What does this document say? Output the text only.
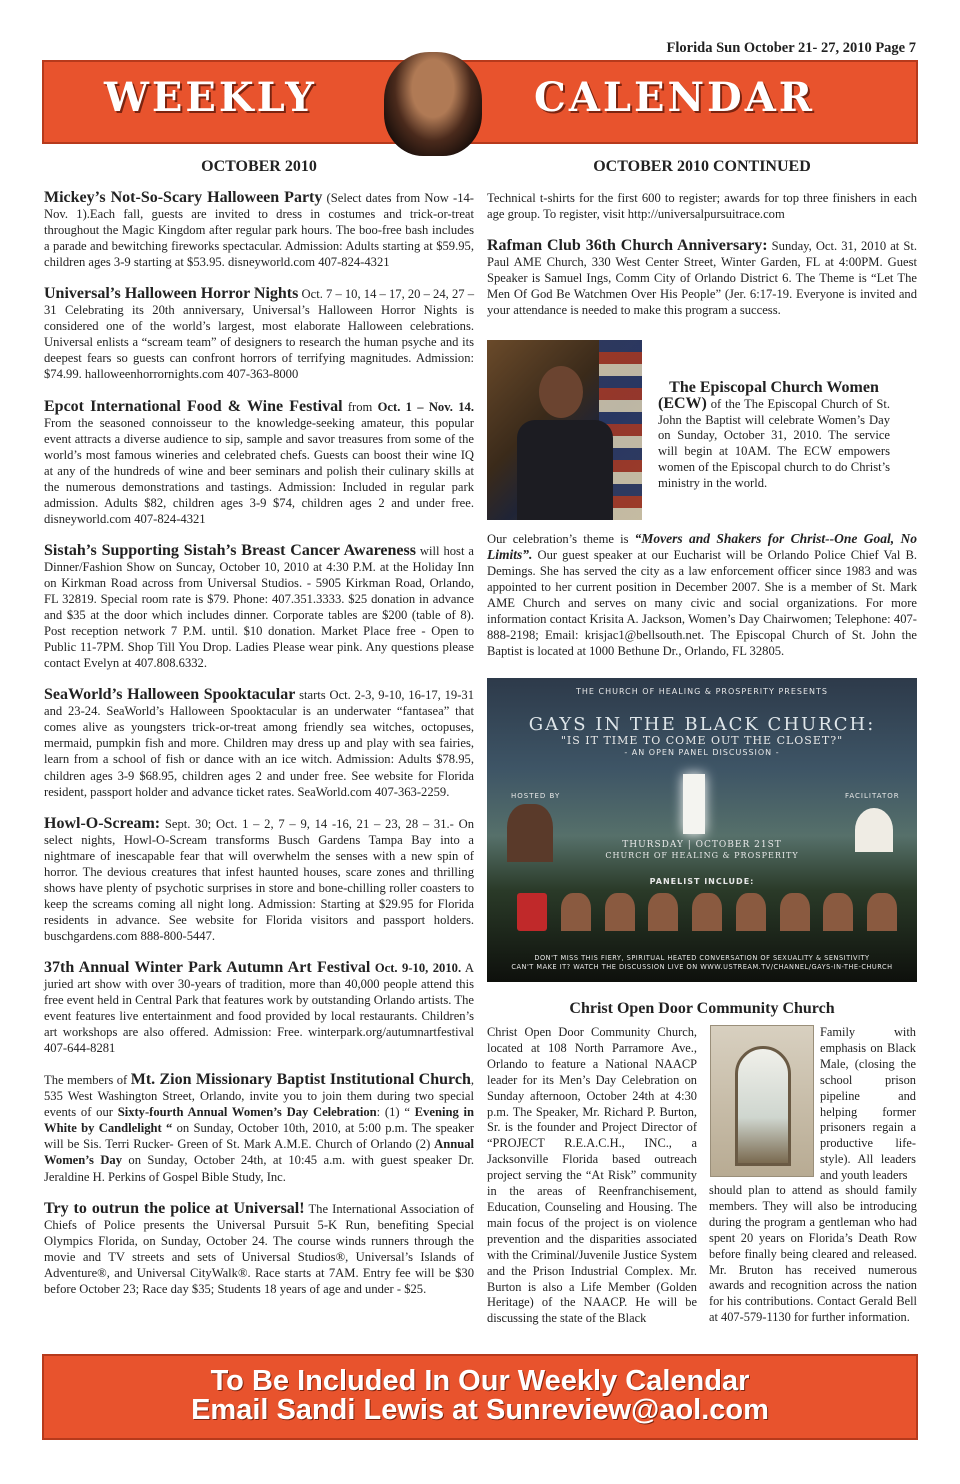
Florida Sun October 21- 27, 2010 Page 7
WEEKLY	CALENDAR
OCTOBER 2010

Mickey’s Not-So-Scary Halloween Party (Select dates from Now -14-Nov. 1).Each fall, guests are invited to dress in costumes and trick-or-treat throughout the Magic Kingdom after regular park hours. The boo-free bash includes a parade and bewitching fireworks spectacular. Admission: Adults starting at $59.95, children ages 3-9 starting at $53.95. disneyworld.com 407-824-4321

Universal’s Halloween Horror Nights Oct. 7 – 10, 14 – 17, 20 – 24, 27 – 31 Celebrating its 20th anniversary, Universal’s Halloween Horror Nights is considered one of the world’s largest, most elaborate Halloween celebrations. Universal enlists a “scream team” of designers to research the human psyche and its deepest fears so guests can confront horrors of terrifying magnitudes. Admission: $74.99. halloweenhorrornights.com 407-363-8000

Epcot International Food & Wine Festival from Oct. 1 – Nov. 14. From the seasoned connoisseur to the knowledge-seeking amateur, this popular event attracts a diverse audience to sip, sample and savor treasures from some of the world’s most famous wineries and celebrated chefs. Guests can boost their wine IQ at any of the hundreds of wine and beer seminars and polish their culinary skills at the numerous demonstrations and tastings. Admission: Included in regular park admission. Adults $82, children ages 3-9 $74, children ages 2 and under free. disneyworld.com 407-824-4321

Sistah’s Supporting Sistah’s Breast Cancer Awareness will host a Dinner/Fashion Show on Suncay, October 10, 2010 at 4:30 P.M. at the Holiday Inn on Kirkman Road across from Universal Studios. - 5905 Kirkman Road, Orlando, FL 32819. Special room rate is $79. Phone: 407.351.3333. $25 donation in advance and $35 at the door which includes dinner. Corporate tables are $200 (table of 8). Post reception network 7 P.M. until. $10 donation. Market Place free - Open to Public 11-7PM. Shop Till You Drop. Ladies Please wear pink. Any questions please contact Evelyn at 407.808.6332.

SeaWorld’s Halloween Spooktacular starts Oct. 2-3, 9-10, 16-17, 19-31 and 23-24. SeaWorld’s Halloween Spooktacular is an underwater “fantasea” that comes alive as youngsters trick-or-treat among friendly sea witches, octopuses, mermaid, pumpkin fish and more. Children may dress up and play with sea fairies, learn from a school of fish or dance with an ice witch. Admission: Adults $78.95, children ages 3-9 $68.95, children ages 2 and under free. See website for Florida resident, passport holder and advance ticket rates. SeaWorld.com 407-363-2259.

Howl-O-Scream: Sept. 30; Oct. 1 – 2, 7 – 9, 14 -16, 21 – 23, 28 – 31.- On select nights, Howl-O-Scream transforms Busch Gardens Tampa Bay into a nightmare of inescapable fear that will overwhelm the senses with a new spin of horror. The devious creatures that infest haunted houses, scare zones and thrilling shows have plenty of psychotic surprises in store and bone-chilling roller coasters to keep the screams coming all night long. Admission: Starting at $29.95 for Florida residents in advance. See website for Florida visitors and passport holders. buschgardens.com 888-800-5447.

37th Annual Winter Park Autumn Art Festival Oct. 9-10, 2010. A juried art show with over 30-years of tradition, more than 40,000 people attend this free event held in Central Park that features work by outstanding Orlando artists. The event features live entertainment and food provided by local restaurants. Children’s art workshops are also offered. Admission: Free. winterpark.org/autumnartfestival 407-644-8281

The members of Mt. Zion Missionary Baptist Institutional Church, 535 West Washington Street, Orlando, invite you to join them during two special events of our Sixty-fourth Annual Women’s Day Celebration: (1) “ Evening in White by Candlelight “ on Sunday, October 10th, 2010, at 5:00 p.m. The speaker will be Sis. Terri Rucker- Green of St. Mark A.M.E. Church of Orlando (2) Annual Women’s Day on Sunday, October 24th, at 10:45 a.m. with guest speaker Dr. Jeraldine H. Perkins of Gospel Bible Study, Inc.

Try to outrun the police at Universal! The International Association of Chiefs of Police presents the Universal Pursuit 5-K Run, benefiting Special Olympics Florida, on Sunday, October 24. The course winds runners through the movie and TV streets and sets of Universal Studios®, Universal’s Islands of Adventure®, and Universal CityWalk®. Race starts at 7AM. Entry fee will be $30 before October 23; Race day $35; Students 18 years of age and under - $25.

OCTOBER 2010 CONTINUED

Technical t-shirts for the first 600 to register; awards for top three finishers in each age group. To register, visit http://universalpursuitrace.com

Rafman Club 36th Church Anniversary: Sunday, Oct. 31, 2010 at St. Paul AME Church, 330 West Center Street, Winter Garden, FL at 4:00PM. Guest Speaker is Samuel Ings, Comm City of Orlando District 6. The Theme is “Let The Men Of God Be Watchmen Over His People” (Jer. 6:17-19. Everyone is invited and your attendance is needed to make this program a success.

The Episcopal Church Women
(ECW) of the The Episcopal Church of St. John the Baptist will celebrate Women’s Day on Sunday, October 31, 2010. The service will begin at 10AM. The ECW empowers women of the Episcopal church to do Christ’s ministry in the world.

Our celebration’s theme is “Movers and Shakers for Christ--One Goal, No Limits”. Our guest speaker at our Eucharist will be Orlando Police Chief Val B. Demings. She has served the city as a law enforcement officer since 1983 and was appointed to her current position in December 2007. She is a member of St. Mark AME Church and serves on many civic and social organizations. For more information contact Krisita A. Jackson, Women’s Day Chairwomen; Telephone: 407-888-2198; Email: krisjac1@bellsouth.net. The Episcopal Church of St. John the Baptist is located at 1000 Bethune Dr., Orlando, FL 32805.

THE CHURCH OF HEALING & PROSPERITY PRESENTS
GAYS IN THE BLACK CHURCH:
"IS IT TIME TO COME OUT THE CLOSET?"
- AN OPEN PANEL DISCUSSION -
HOSTED BY	FACILITATOR
THURSDAY | OCTOBER 21ST
CHURCH OF HEALING & PROSPERITY
PANELIST INCLUDE:
DON'T MISS THIS FIERY, SPIRITUAL HEATED CONVERSATION OF SEXUALITY & SENSITIVITY
CAN'T MAKE IT? WATCH THE DISCUSSION LIVE ON WWW.USTREAM.TV/CHANNEL/GAYS-IN-THE-CHURCH
Christ Open Door Community Church

Christ Open Door Community Church, located at 108 North Parramore Ave., Orlando to feature a National NAACP leader for its Men’s Day Celebration on Sunday afternoon, October 24th at 4:30 p.m. The Speaker, Mr. Richard P. Burton, Sr. is the founder and Project Director of “PROJECT R.E.A.C.H., INC., a Jacksonville Florida based outreach project serving the “At Risk” community in the areas of Reenfranchisement, Education, Counseling and Housing. The main focus of the project is on violence prevention and the disparities associated with the Criminal/Juvenile Justice System and the Prison Industrial Complex. Mr. Burton is also a Life Member (Golden Heritage) of the NAACP. He will be discussing the state of the Black

Family with emphasis on Black Male, (closing the school prison pipeline and helping former prisoners regain a productive life-style). All leaders and youth leaders

should plan to attend as should family members. They will also be introducing during the program a gentleman who had spent 20 years on Florida’s Death Row before finally being cleared and released. Mr. Bruton has received numerous awards and recognition across the nation for his contributions. Contact Gerald Bell at 407-579-1130 for further information.

To Be Included In Our Weekly Calendar
Email Sandi Lewis at Sunreview@aol.com
